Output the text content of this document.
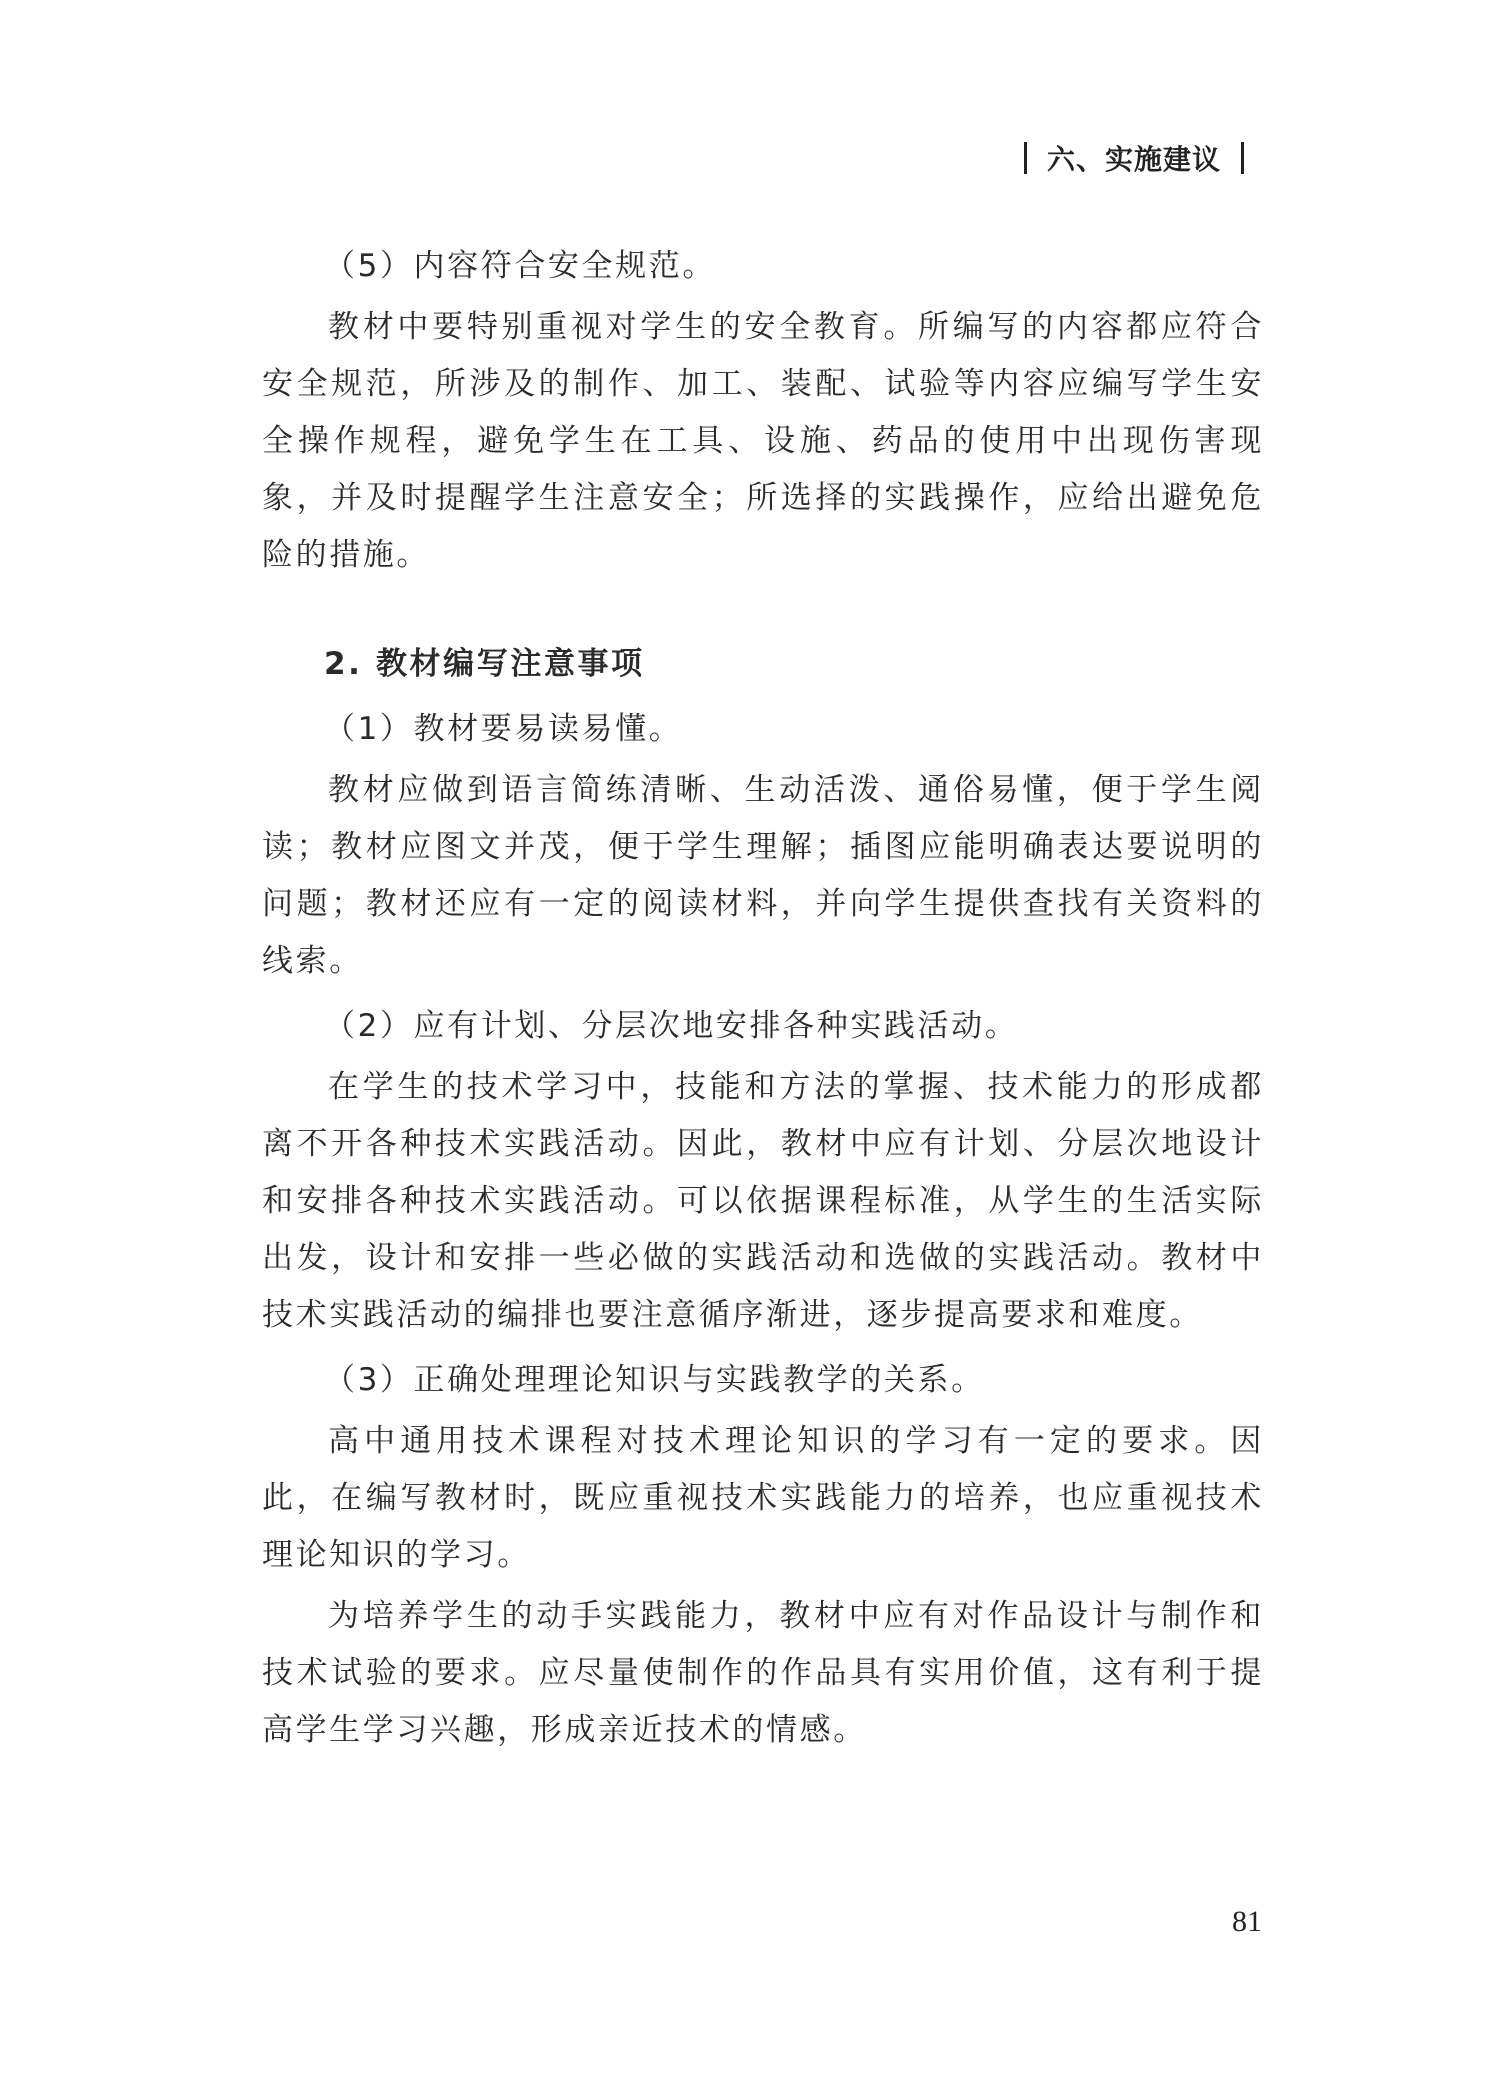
六、实施建议

（5）内容符合安全规范。

教材中要特别重视对学生的安全教育。所编写的内容都应符合安全规范，所涉及的制作、加工、装配、试验等内容应编写学生安全操作规程，避免学生在工具、设施、药品的使用中出现伤害现象，并及时提醒学生注意安全；所选择的实践操作，应给出避免危险的措施。

2. 教材编写注意事项

（1）教材要易读易懂。

教材应做到语言简练清晰、生动活泼、通俗易懂，便于学生阅读；教材应图文并茂，便于学生理解；插图应能明确表达要说明的问题；教材还应有一定的阅读材料，并向学生提供查找有关资料的线索。

（2）应有计划、分层次地安排各种实践活动。

在学生的技术学习中，技能和方法的掌握、技术能力的形成都离不开各种技术实践活动。因此，教材中应有计划、分层次地设计和安排各种技术实践活动。可以依据课程标准，从学生的生活实际出发，设计和安排一些必做的实践活动和选做的实践活动。教材中技术实践活动的编排也要注意循序渐进，逐步提高要求和难度。

（3）正确处理理论知识与实践教学的关系。

高中通用技术课程对技术理论知识的学习有一定的要求。因此，在编写教材时，既应重视技术实践能力的培养，也应重视技术理论知识的学习。

为培养学生的动手实践能力，教材中应有对作品设计与制作和技术试验的要求。应尽量使制作的作品具有实用价值，这有利于提高学生学习兴趣，形成亲近技术的情感。

81
